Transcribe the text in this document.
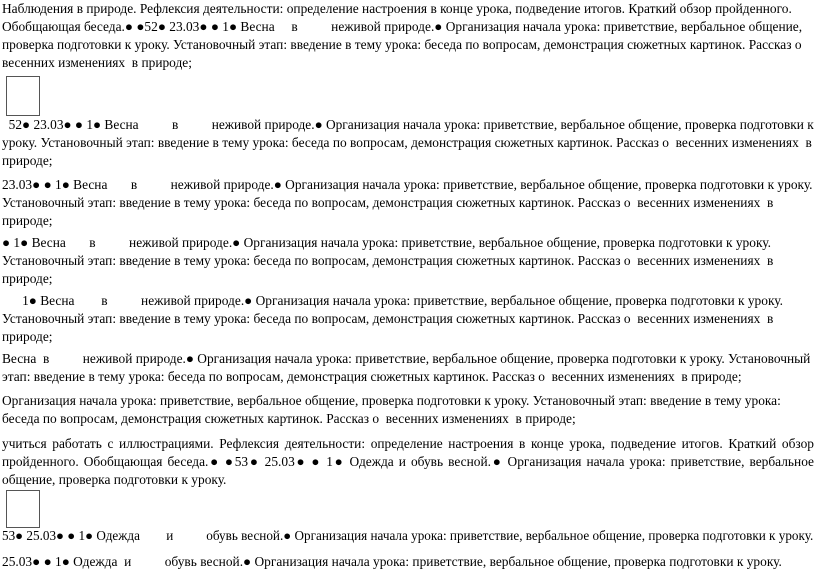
Наблюдения в природе. Рефлексия деятельности: определение настроения в конце урока, подведение итогов. Краткий обзор пройденного.
Обобщающая беседа.● ●52● 23.03● ● 1● Весна     в          неживой природе.● Организация начала урока: приветствие, вербальное общение,
проверка подготовки к уроку. Установочный этап: введение в тему урока: беседа по вопросам, демонстрация сюжетных картинок. Рассказ о
весенних изменениях  в природе;
52● 23.03● ● 1● Весна          в          неживой природе.● Организация начала урока: приветствие, вербальное общение, проверка подготовки к
уроку. Установочный этап: введение в тему урока: беседа по вопросам, демонстрация сюжетных картинок. Рассказ о  весенних изменениях  в
природе;
23.03● ● 1● Весна       в          неживой природе.● Организация начала урока: приветствие, вербальное общение, проверка подготовки к уроку.
Установочный этап: введение в тему урока: беседа по вопросам, демонстрация сюжетных картинок. Рассказ о  весенних изменениях  в
природе;
● 1● Весна       в          неживой природе.● Организация начала урока: приветствие, вербальное общение, проверка подготовки к уроку.
Установочный этап: введение в тему урока: беседа по вопросам, демонстрация сюжетных картинок. Рассказ о  весенних изменениях  в
природе;
1● Весна        в          неживой природе.● Организация начала урока: приветствие, вербальное общение, проверка подготовки к уроку.
Установочный этап: введение в тему урока: беседа по вопросам, демонстрация сюжетных картинок. Рассказ о  весенних изменениях  в
природе;
Весна  в          неживой природе.● Организация начала урока: приветствие, вербальное общение, проверка подготовки к уроку. Установочный
этап: введение в тему урока: беседа по вопросам, демонстрация сюжетных картинок. Рассказ о  весенних изменениях  в природе;
Организация начала урока: приветствие, вербальное общение, проверка подготовки к уроку. Установочный этап: введение в тему урока:
беседа по вопросам, демонстрация сюжетных картинок. Рассказ о  весенних изменениях  в природе;
учиться работать с иллюстрациями. Рефлексия деятельности: определение настроения в конце урока, подведение итогов. Краткий обзор
пройденного. Обобщающая беседа.● ●53● 25.03● ● 1● Одежда и обувь весной.● Организация начала урока: приветствие, вербальное
общение, проверка подготовки к уроку.
53● 25.03● ● 1● Одежда        и          обувь весной.● Организация начала урока: приветствие, вербальное общение, проверка подготовки к уроку.
25.03● ● 1● Одежда  и          обувь весной.● Организация начала урока: приветствие, вербальное общение, проверка подготовки к уроку.
